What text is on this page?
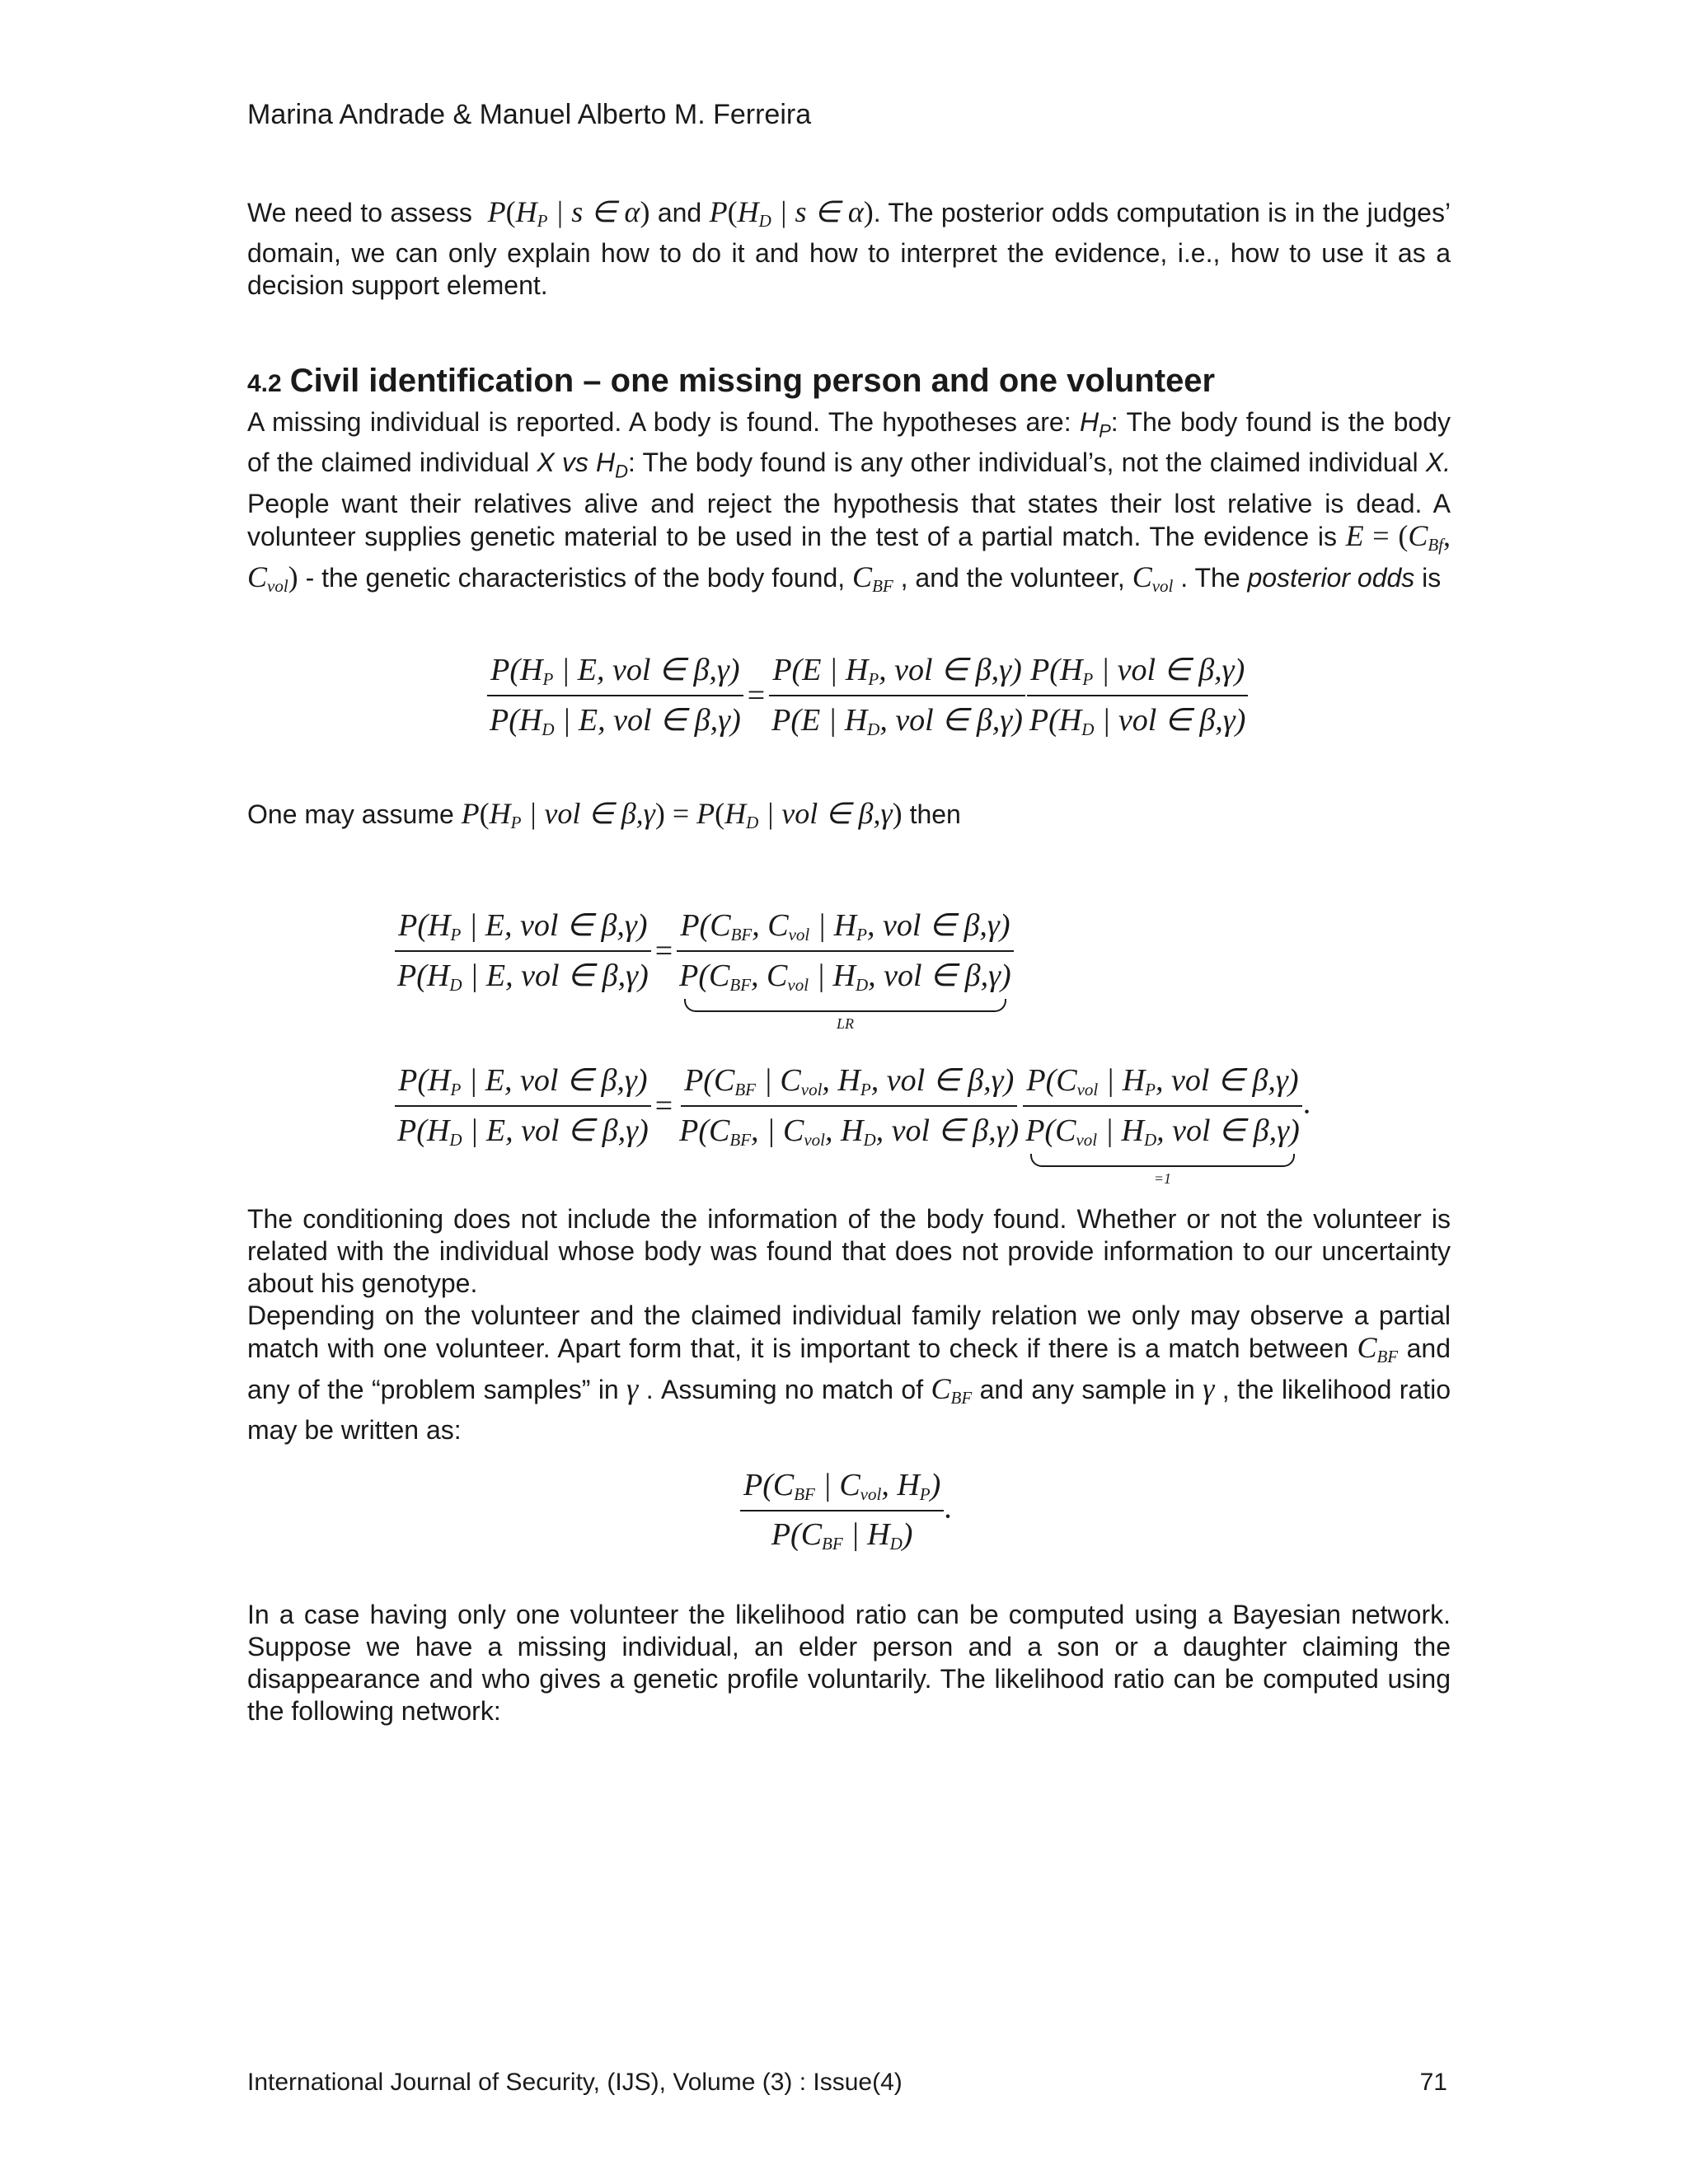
Marina Andrade & Manuel Alberto M. Ferreira
We need to assess $P(H_P$ | s ∈ α) and $P(H_D$ | s ∈ α). The posterior odds computation is in the judges’ domain, we can only explain how to do it and how to interpret the evidence, i.e., how to use it as a decision support element.
4.2 Civil identification – one missing person and one volunteer
A missing individual is reported. A body is found. The hypotheses are: $H_P$: The body found is the body of the claimed individual X vs $H_D$: The body found is any other individual’s, not the claimed individual X. People want their relatives alive and reject the hypothesis that states their lost relative is dead. A volunteer supplies genetic material to be used in the test of a partial match. The evidence is $E = (C_{Bf}$, $C_{vol}$) - the genetic characteristics of the body found, $C_{BF}$ , and the volunteer, $C_{vol}$ . The posterior odds is
$\frac{P(H_P | E, vol \in \beta,\gamma)}{P(H_D | E, vol \in \beta,\gamma)} = \frac{P(E | H_P, vol \in \beta,\gamma)}{P(E | H_D, vol \in \beta,\gamma)} \frac{P(H_P | vol \in \beta,\gamma)}{P(H_D | vol \in \beta,\gamma)}$
One may assume $P(H_P$ | vol ∈ $\beta,\gamma) = P(H_D$ | vol ∈ β,γ) then
$\frac{P(H_P | E, vol \in \beta,\gamma)}{P(H_D | E, vol \in \beta,\gamma)} = P(C_{BF}$, $C_{vol}$ | $H_P$, vol ∈ β,γ)
$P(C_{BF}$, $C_{vol}$ | $H_D$, vol ∈ β,γ)
LR
$\frac{P(H_P | E, vol \in \beta,\gamma)}{P(H_D | E, vol \in \beta,\gamma)} = \frac{P(C_{BF} | C_{vol}, H_P, vol \in \beta,\gamma)}{P(C_{BF}, | C_{vol}, H_D, vol \in \beta,\gamma)} P(C_{vol}$ | $H_P$, vol ∈ β,γ)
$P(C_{vol}$ | $H_D$, vol ∈ β,γ)
=1 .
The conditioning does not include the information of the body found. Whether or not the volunteer is related with the individual whose body was found that does not provide information to our uncertainty about his genotype.
Depending on the volunteer and the claimed individual family relation we only may observe a partial match with one volunteer. Apart form that, it is important to check if there is a match between $C_{BF}$ and any of the “problem samples” in γ . Assuming no match of $C_{BF}$ and any sample in γ , the likelihood ratio may be written as:
$\frac{P(C_{BF} | C_{vol}, H_P)}{P(C_{BF} | H_D)}$ .
In a case having only one volunteer the likelihood ratio can be computed using a Bayesian network. Suppose we have a missing individual, an elder person and a son or a daughter claiming the disappearance and who gives a genetic profile voluntarily. The likelihood ratio can be computed using the following network:
International Journal of Security, (IJS), Volume (3) : Issue(4)	71
